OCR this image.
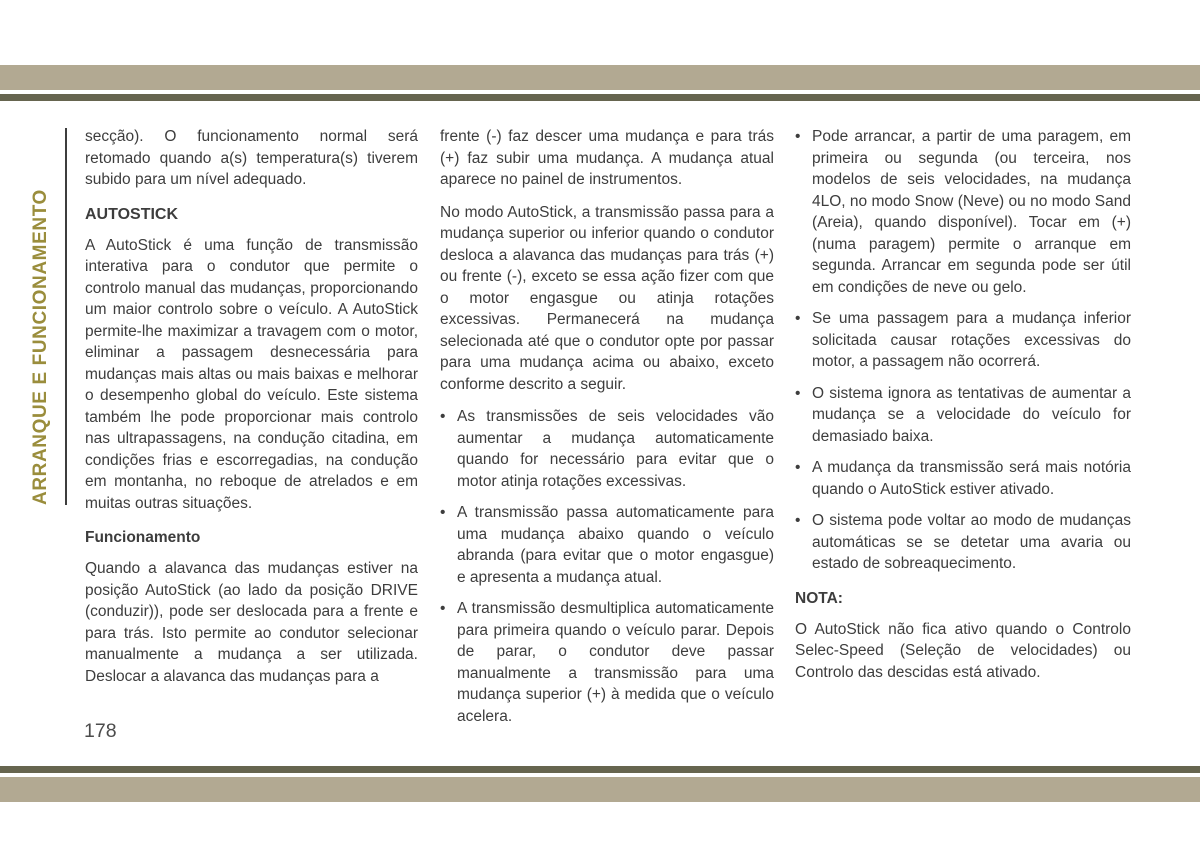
ARRANQUE E FUNCIONAMENTO

secção). O funcionamento normal será retomado quando a(s) temperatura(s) tiverem subido para um nível adequado.

AUTOSTICK

A AutoStick é uma função de transmissão interativa para o condutor que permite o controlo manual das mudanças, proporcionando um maior controlo sobre o veículo. A AutoStick permite-lhe maximizar a travagem com o motor, eliminar a passagem desnecessária para mudanças mais altas ou mais baixas e melhorar o desempenho global do veículo. Este sistema também lhe pode proporcionar mais controlo nas ultrapassagens, na condução citadina, em condições frias e escorregadias, na condução em montanha, no reboque de atrelados e em muitas outras situações.

Funcionamento

Quando a alavanca das mudanças estiver na posição AutoStick (ao lado da posição DRIVE (conduzir)), pode ser deslocada para a frente e para trás. Isto permite ao condutor selecionar manualmente a mudança a ser utilizada. Deslocar a alavanca das mudanças para a

frente (-) faz descer uma mudança e para trás (+) faz subir uma mudança. A mudança atual aparece no painel de instrumentos.

No modo AutoStick, a transmissão passa para a mudança superior ou inferior quando o condutor desloca a alavanca das mudanças para trás (+) ou frente (-), exceto se essa ação fizer com que o motor engasgue ou atinja rotações excessivas. Permanecerá na mudança selecionada até que o condutor opte por passar para uma mudança acima ou abaixo, exceto conforme descrito a seguir.

• As transmissões de seis velocidades vão aumentar a mudança automaticamente quando for necessário para evitar que o motor atinja rotações excessivas.
• A transmissão passa automaticamente para uma mudança abaixo quando o veículo abranda (para evitar que o motor engasgue) e apresenta a mudança atual.
• A transmissão desmultiplica automaticamente para primeira quando o veículo parar. Depois de parar, o condutor deve passar manualmente a transmissão para uma mudança superior (+) à medida que o veículo acelera.
• Pode arrancar, a partir de uma paragem, em primeira ou segunda (ou terceira, nos modelos de seis velocidades, na mudança 4LO, no modo Snow (Neve) ou no modo Sand (Areia), quando disponível). Tocar em (+) (numa paragem) permite o arranque em segunda. Arrancar em segunda pode ser útil em condições de neve ou gelo.
• Se uma passagem para a mudança inferior solicitada causar rotações excessivas do motor, a passagem não ocorrerá.
• O sistema ignora as tentativas de aumentar a mudança se a velocidade do veículo for demasiado baixa.
• A mudança da transmissão será mais notória quando o AutoStick estiver ativado.
• O sistema pode voltar ao modo de mudanças automáticas se se detetar uma avaria ou estado de sobreaquecimento.
NOTA:

O AutoStick não fica ativo quando o Controlo Selec-Speed (Seleção de velocidades) ou Controlo das descidas está ativado.

178
